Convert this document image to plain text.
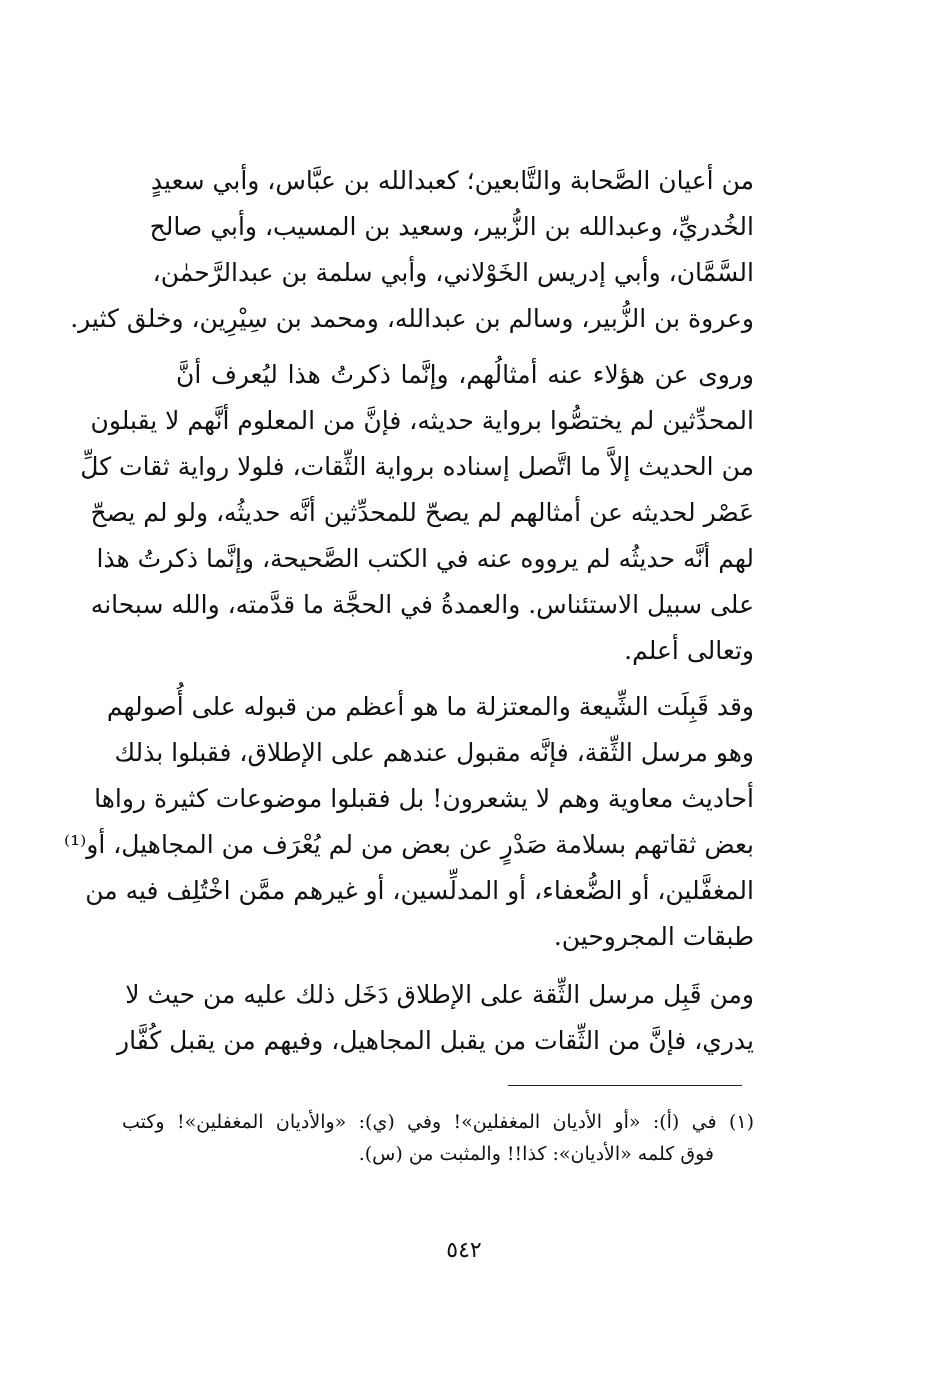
من أعيان الصَّحابة والتَّابعين؛ كعبدالله بن عبَّاس، وأبي سعيدٍ
الخُدريِّ، وعبدالله بن الزُّبير، وسعيد بن المسيب، وأبي صالح
السَّمَّان، وأبي إدريس الخَوْلاني، وأبي سلمة بن عبدالرَّحمٰن،
وعروة بن الزُّبير، وسالم بن عبدالله، ومحمد بن سِيْرِين، وخلق كثير.
وروى عن هؤلاء عنه أمثالُهم، وإنَّما ذكرتُ هذا ليُعرف أنَّ
المحدِّثين لم يختصُّوا برواية حديثه، فإنَّ من المعلوم أنَّهم لا يقبلون
من الحديث إلاَّ ما اتَّصل إسناده برواية الثِّقات، فلولا رواية ثقات كلِّ
عَصْر لحديثه عن أمثالهم لم يصحّ للمحدِّثين أنَّه حديثُه، ولو لم يصحّ
لهم أنَّه حديثُه لم يرووه عنه في الكتب الصَّحيحة، وإنَّما ذكرتُ هذا
على سبيل الاستئناس. والعمدةُ في الحجَّة ما قدَّمته، والله سبحانه
وتعالى أعلم.
وقد قَبِلَت الشِّيعة والمعتزلة ما هو أعظم من قبوله على أُصولهم
وهو مرسل الثِّقة، فإنَّه مقبول عندهم على الإطلاق، فقبلوا بذلك
أحاديث معاوية وهم لا يشعرون! بل فقبلوا موضوعات كثيرة رواها
بعض ثقاتهم بسلامة صَدْرٍ عن بعض من لم يُعْرَف من المجاهيل، أو⁽¹⁾
المغفَّلين، أو الضُّعفاء، أو المدلِّسين، أو غيرهم ممَّن اخْتُلِف فيه من
طبقات المجروحين.
ومن قَبِل مرسل الثِّقة على الإطلاق دَخَل ذلك عليه من حيث لا
يدري، فإنَّ من الثِّقات من يقبل المجاهيل، وفيهم من يقبل كُفَّار
(١) في (أ): «أو الأديان المغفلين»! وفي (ي): «والأديان المغفلين»! وكتب
فوق كلمه «الأديان»: كذا!! والمثبت من (س).
٥٤٢
